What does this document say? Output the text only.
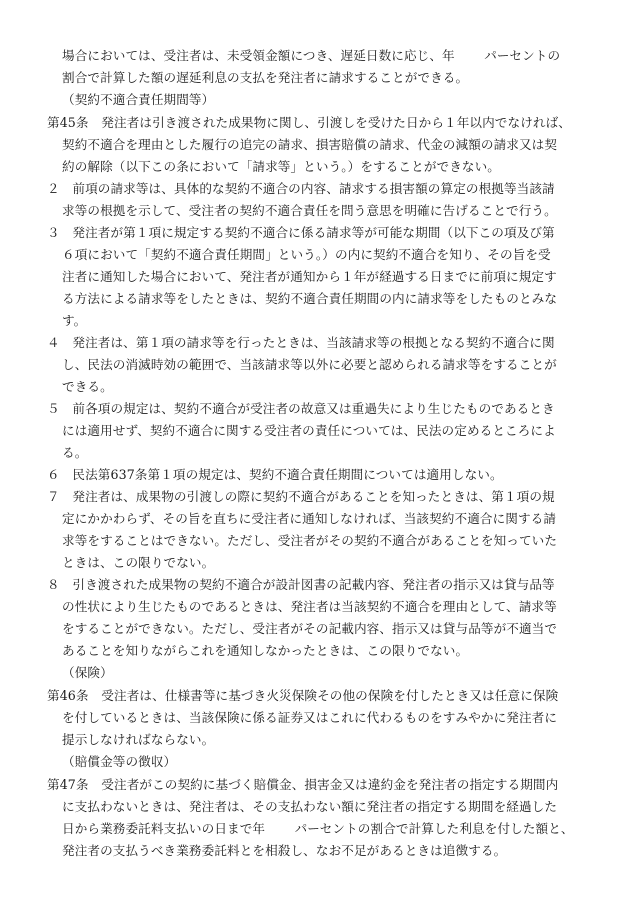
場合においては、受注者は、未受領金額につき、遅延日数に応じ、年　　 パーセントの
割合で計算した額の遅延利息の支払を発注者に請求することができる。
（契約不適合責任期間等）
第45条　発注者は引き渡された成果物に関し、引渡しを受けた日から１年以内でなければ、
契約不適合を理由とした履行の追完の請求、損害賠償の請求、代金の減額の請求又は契
約の解除（以下この条において「請求等」という。）をすることができない。
２　前項の請求等は、具体的な契約不適合の内容、請求する損害額の算定の根拠等当該請
求等の根拠を示して、受注者の契約不適合責任を問う意思を明確に告げることで行う。
３　発注者が第１項に規定する契約不適合に係る請求等が可能な期間（以下この項及び第
６項において「契約不適合責任期間」という。）の内に契約不適合を知り、その旨を受
注者に通知した場合において、発注者が通知から１年が経過する日までに前項に規定す
る方法による請求等をしたときは、契約不適合責任期間の内に請求等をしたものとみな
す。
４　発注者は、第１項の請求等を行ったときは、当該請求等の根拠となる契約不適合に関
し、民法の消滅時効の範囲で、当該請求等以外に必要と認められる請求等をすることが
できる。
５　前各項の規定は、契約不適合が受注者の故意又は重過失により生じたものであるとき
には適用せず、契約不適合に関する受注者の責任については、民法の定めるところによ
る。
６　民法第637条第１項の規定は、契約不適合責任期間については適用しない。
７　発注者は、成果物の引渡しの際に契約不適合があることを知ったときは、第１項の規
定にかかわらず、その旨を直ちに受注者に通知しなければ、当該契約不適合に関する請
求等をすることはできない。ただし、受注者がその契約不適合があることを知っていた
ときは、この限りでない。
８　引き渡された成果物の契約不適合が設計図書の記載内容、発注者の指示又は貸与品等
の性状により生じたものであるときは、発注者は当該契約不適合を理由として、請求等
をすることができない。ただし、受注者がその記載内容、指示又は貸与品等が不適当で
あることを知りながらこれを通知しなかったときは、この限りでない。
（保険）
第46条　受注者は、仕様書等に基づき火災保険その他の保険を付したとき又は任意に保険
を付しているときは、当該保険に係る証券又はこれに代わるものをすみやかに発注者に
提示しなければならない。
（賠償金等の徴収）
第47条　受注者がこの契約に基づく賠償金、損害金又は違約金を発注者の指定する期間内
に支払わないときは、発注者は、その支払わない額に発注者の指定する期間を経過した
日から業務委託料支払いの日まで年　　 パーセントの割合で計算した利息を付した額と、
発注者の支払うべき業務委託料とを相殺し、なお不足があるときは追徴する。
